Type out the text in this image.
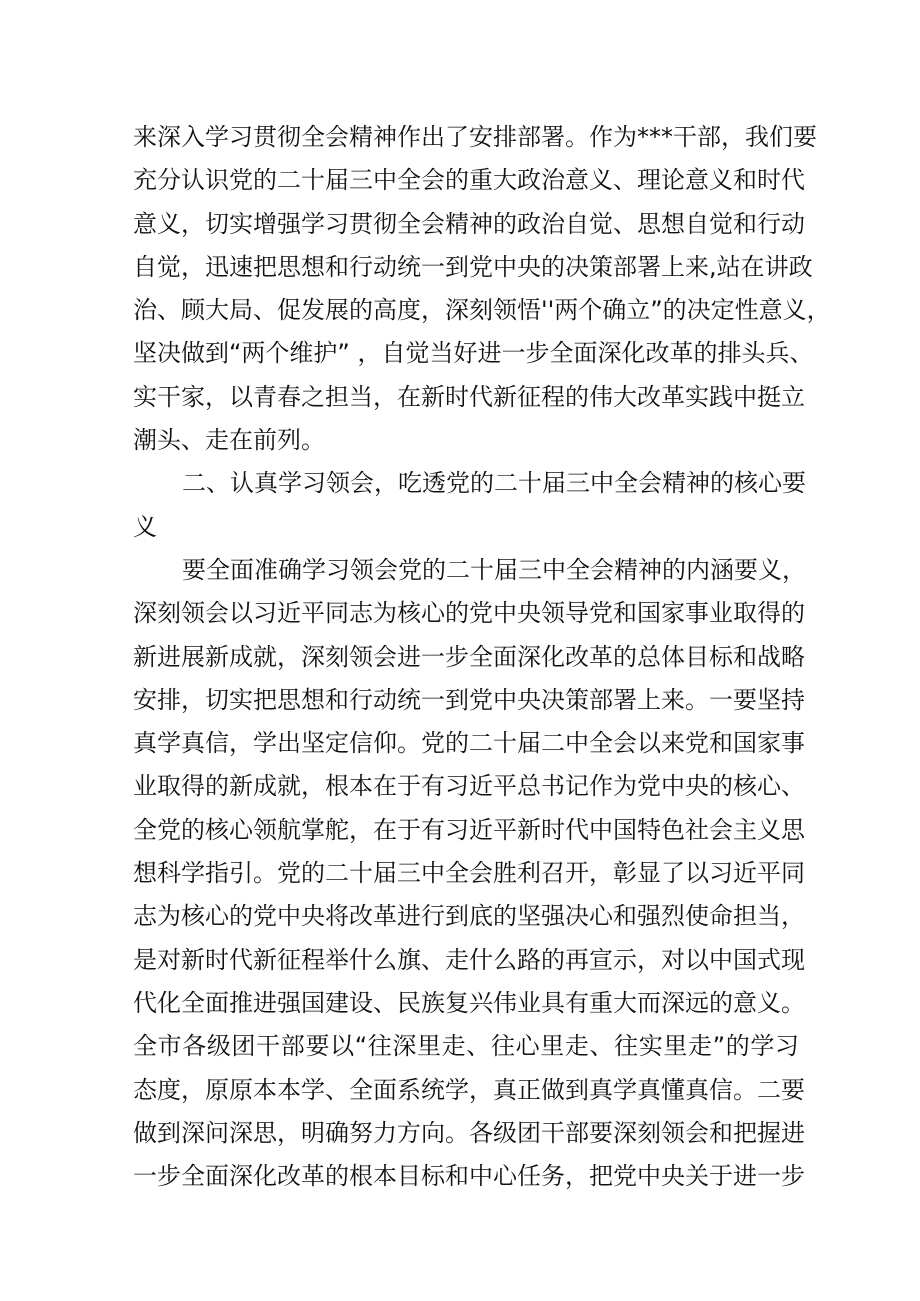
来深入学习贯彻全会精神作出了安排部署。作为***干部，我们要
充分认识党的二十届三中全会的重大政治意义、理论意义和时代
意义，切实增强学习贯彻全会精神的政治自觉、思想自觉和行动
自觉，迅速把思想和行动统一到党中央的决策部署上来,站在讲政
治、顾大局、促发展的高度，深刻领悟''两个确立”的决定性意义，
坚决做到“两个维护” ，自觉当好进一步全面深化改革的排头兵、
实干家，以青春之担当，在新时代新征程的伟大改革实践中挺立
潮头、走在前列。
二、认真学习领会，吃透党的二十届三中全会精神的核心要
义
要全面准确学习领会党的二十届三中全会精神的内涵要义，
深刻领会以习近平同志为核心的党中央领导党和国家事业取得的
新进展新成就，深刻领会进一步全面深化改革的总体目标和战略
安排，切实把思想和行动统一到党中央决策部署上来。一要坚持
真学真信，学出坚定信仰。党的二十届二中全会以来党和国家事
业取得的新成就，根本在于有习近平总书记作为党中央的核心、
全党的核心领航掌舵，在于有习近平新时代中国特色社会主义思
想科学指引。党的二十届三中全会胜利召开，彰显了以习近平同
志为核心的党中央将改革进行到底的坚强决心和强烈使命担当，
是对新时代新征程举什么旗、走什么路的再宣示，对以中国式现
代化全面推进强国建设、民族复兴伟业具有重大而深远的意义。
全市各级团干部要以“往深里走、往心里走、往实里走”的学习
态度，原原本本学、全面系统学，真正做到真学真懂真信。二要
做到深问深思，明确努力方向。各级团干部要深刻领会和把握进
一步全面深化改革的根本目标和中心任务，把党中央关于进一步
